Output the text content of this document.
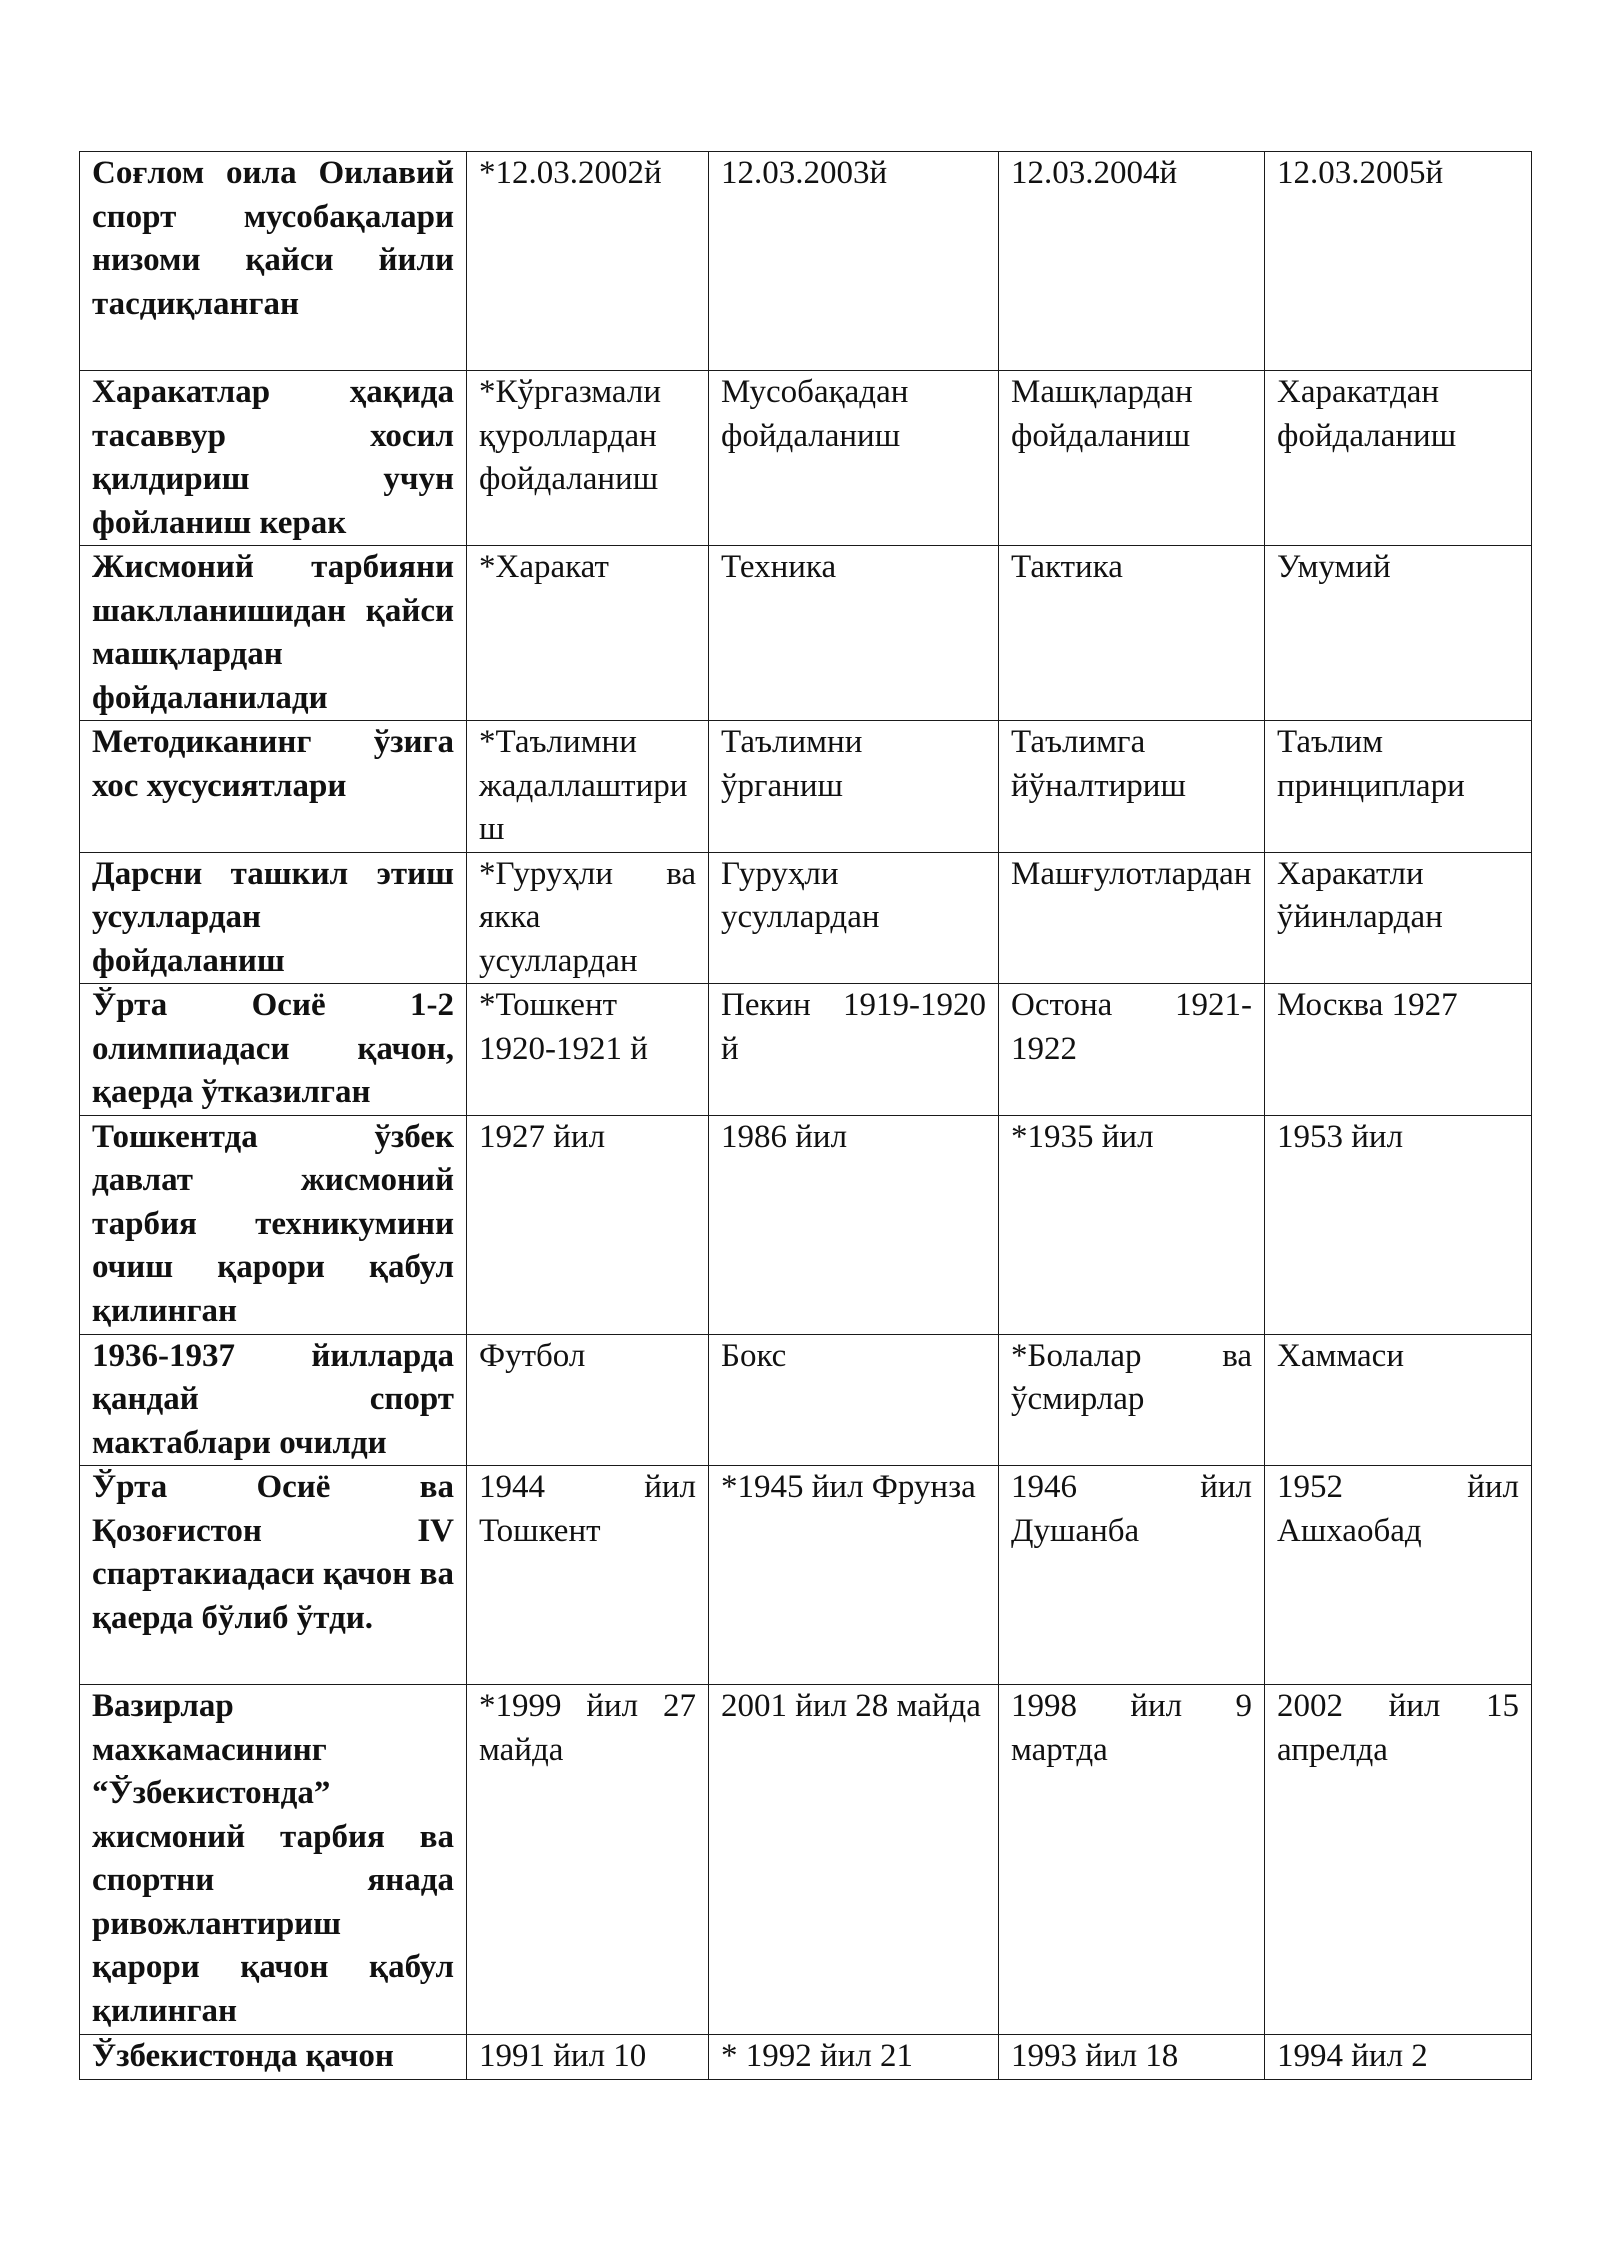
Соғлом оила Оилавий спорт мусобақалари низоми қайси йили тасдиқланган	*12.03.2002й	12.03.2003й	12.03.2004й	12.03.2005й
Харакатлар ҳақида тасаввур хосил қилдириш учун фойланиш керак	*Кўргазмали қуроллардан фойдаланиш	Мусобақадан фойдаланиш	Машқлардан фойдаланиш	Харакатдан фойдаланиш
Жисмоний тарбияни шаклланишидан қайси машқлардан фойдаланилади	*Харакат	Техника	Тактика	Умумий
Методиканинг ўзига хос хусусиятлари	*Таълимни жадаллаштириш	Таълимни ўрганиш	Таълимга йўналтириш	Таълим принциплари
Дарсни ташкил этиш усуллардан фойдаланиш	*Гуруҳли ва якка усуллардан	Гуруҳли усуллардан	Машғулотлардан	Харакатли ўйинлардан
Ўрта Осиё 1-2 олимпиадаси қачон, қаерда ўтказилган	*Тошкент 1920-1921 й	Пекин 1919-1920 й	Остона 1921-1922	Москва 1927
Тошкентда ўзбек давлат жисмоний тарбия техникумини очиш қарори қабул қилинган	1927 йил	1986 йил	*1935 йил	1953 йил
1936-1937 йилларда қандай спорт мактаблари очилди	Футбол	Бокс	*Болалар ва ўсмирлар	Хаммаси
Ўрта Осиё ва Қозоғистон IV спартакиадаси қачон ва қаерда бўлиб ўтди.	1944 йил Тошкент	*1945 йил Фрунза	1946 йил Душанба	1952 йил Ашхаобад
Вазирлар махкамасининг “Ўзбекистонда” жисмоний тарбия ва спортни янада ривожлантириш қарори қачон қабул қилинган	*1999 йил 27 майда	2001 йил 28 майда	1998 йил 9 мартда	2002 йил 15 апрелда
Ўзбекистонда қачон	1991 йил 10	* 1992 йил 21	1993 йил 18	1994 йил 2
